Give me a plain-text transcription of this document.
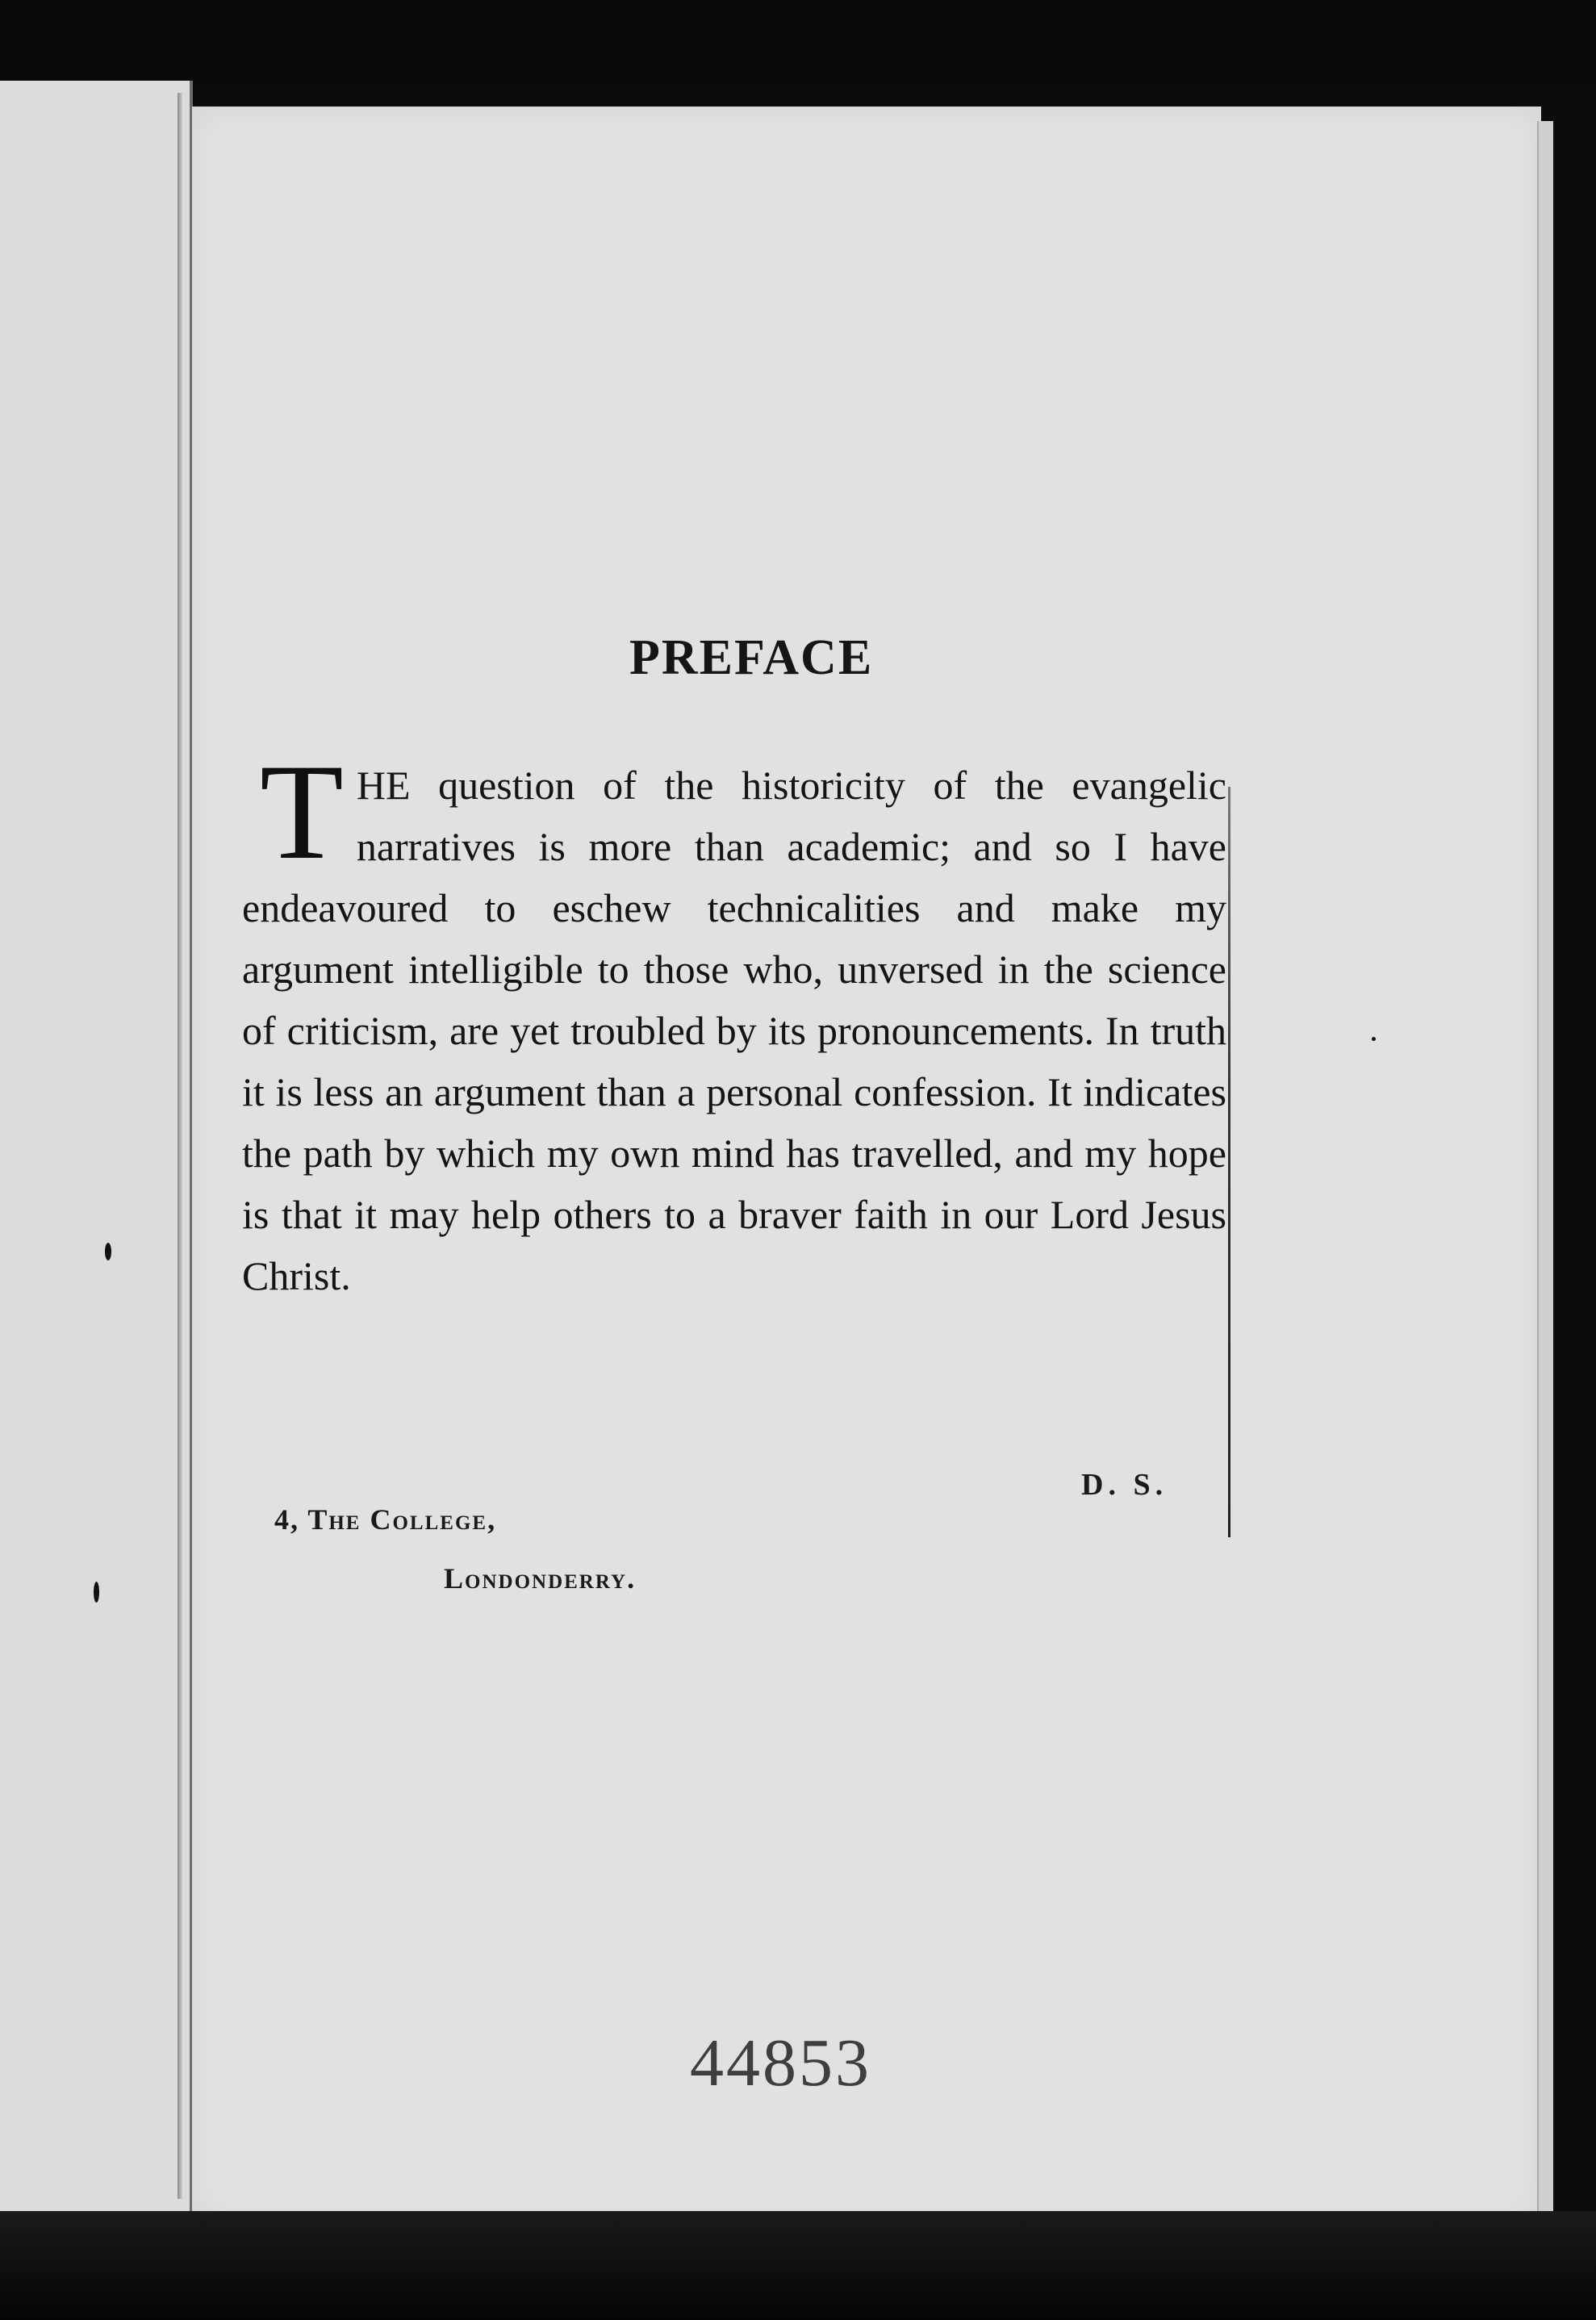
PREFACE

THE question of the historicity of the evangelic narratives is more than academic; and so I have endeavoured to eschew technicalities and make my argument intelligible to those who, unversed in the science of criticism, are yet troubled by its pronouncements. In truth it is less an argument than a personal confession. It indicates the path by which my own mind has travelled, and my hope is that it may help others to a braver faith in our Lord Jesus Christ.

D. S.

4, The College,

Londonderry.

44853
